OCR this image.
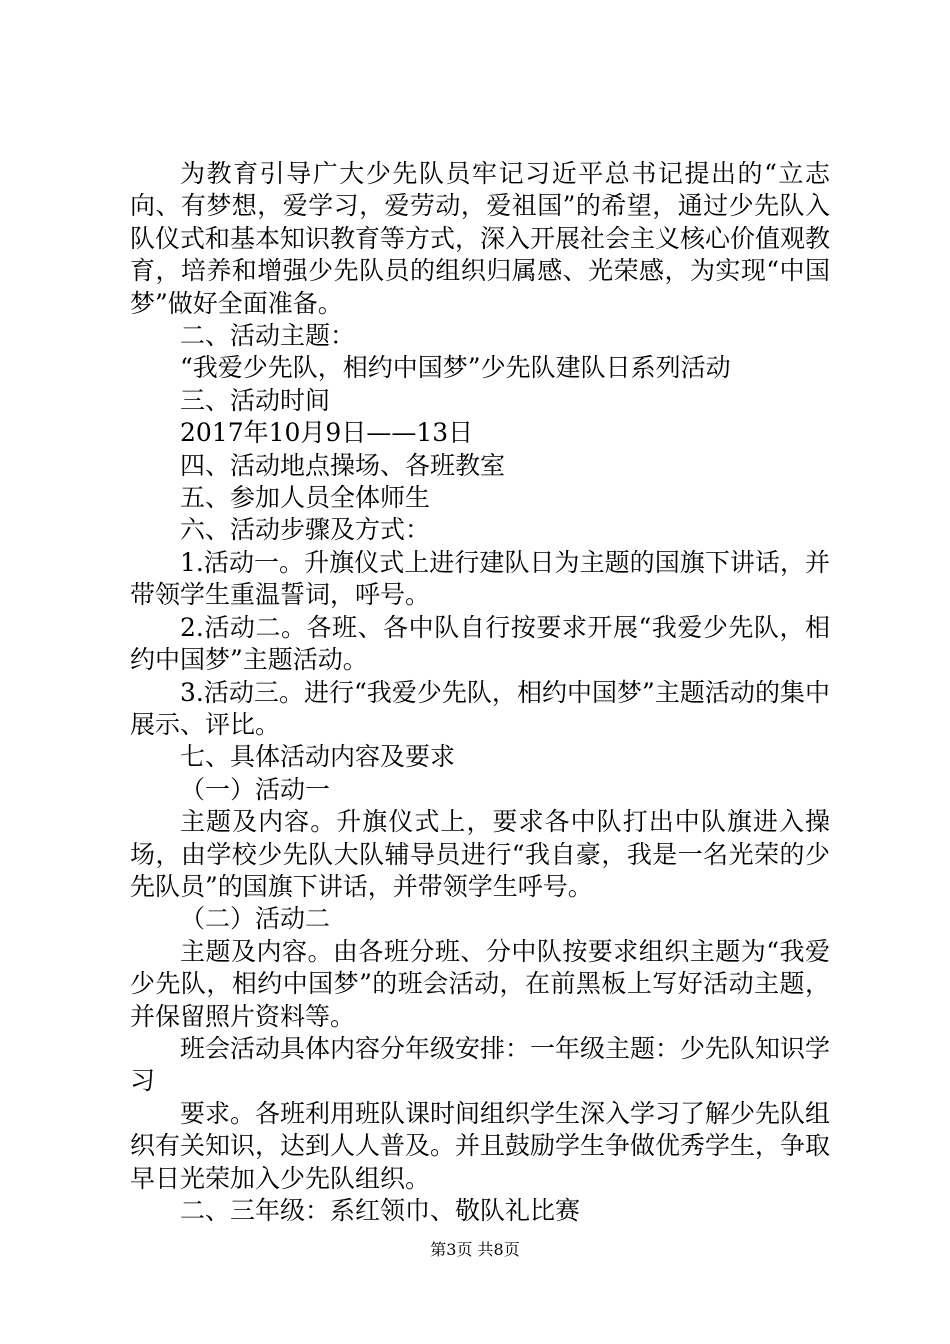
为教育引导广大少先队员牢记习近平总书记提出的“立志向、有梦想，爱学习，爱劳动，爱祖国”的希望，通过少先队入队仪式和基本知识教育等方式，深入开展社会主义核心价值观教育，培养和增强少先队员的组织归属感、光荣感，为实现“中国梦”做好全面准备。

二、活动主题：

“我爱少先队，相约中国梦”少先队建队日系列活动

三、活动时间

2017年10月9日——13日

四、活动地点操场、各班教室

五、参加人员全体师生

六、活动步骤及方式：

1.活动一。升旗仪式上进行建队日为主题的国旗下讲话，并带领学生重温誓词，呼号。

2.活动二。各班、各中队自行按要求开展“我爱少先队，相约中国梦”主题活动。

3.活动三。进行“我爱少先队，相约中国梦”主题活动的集中展示、评比。

七、具体活动内容及要求

（一）活动一

主题及内容。升旗仪式上，要求各中队打出中队旗进入操场，由学校少先队大队辅导员进行“我自豪，我是一名光荣的少先队员”的国旗下讲话，并带领学生呼号。

（二）活动二

主题及内容。由各班分班、分中队按要求组织主题为“我爱少先队，相约中国梦”的班会活动，在前黑板上写好活动主题，并保留照片资料等。

班会活动具体内容分年级安排：一年级主题：少先队知识学习

要求。各班利用班队课时间组织学生深入学习了解少先队组织有关知识，达到人人普及。并且鼓励学生争做优秀学生，争取早日光荣加入少先队组织。

二、三年级：系红领巾、敬队礼比赛

第3页 共8页
